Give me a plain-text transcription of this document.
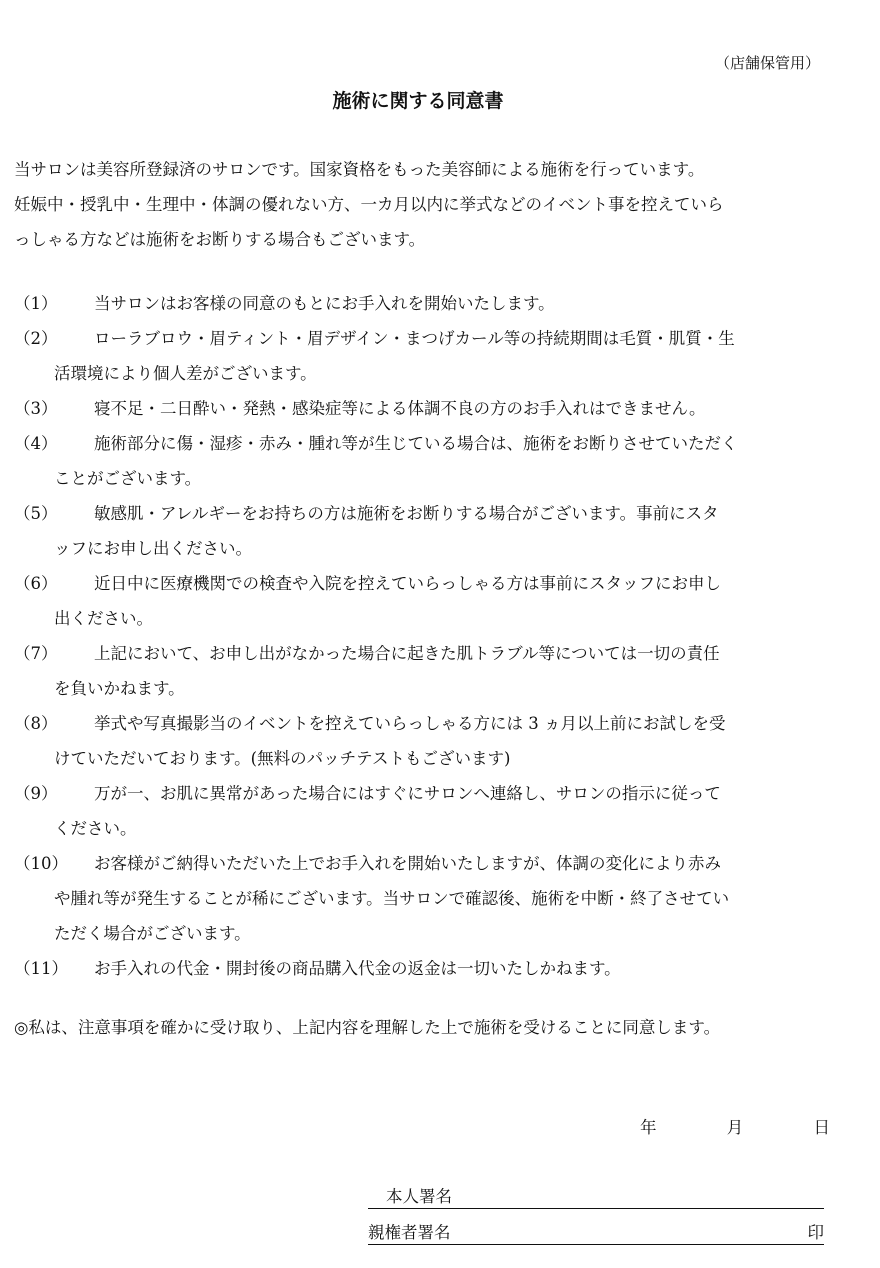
（店舗保管用）
施術に関する同意書
当サロンは美容所登録済のサロンです。国家資格をもった美容師による施術を行っています。
妊娠中・授乳中・生理中・体調の優れない方、一カ月以内に挙式などのイベント事を控えていら
っしゃる方などは施術をお断りする場合もございます。
（1）	当サロンはお客様の同意のもとにお手入れを開始いたします。
（2）	ローラブロウ・眉ティント・眉デザイン・まつげカール等の持続期間は毛質・肌質・生
活環境により個人差がございます。
（3）	寝不足・二日酔い・発熱・感染症等による体調不良の方のお手入れはできません。
（4）	施術部分に傷・湿疹・赤み・腫れ等が生じている場合は、施術をお断りさせていただく
ことがございます。
（5）	敏感肌・アレルギーをお持ちの方は施術をお断りする場合がございます。事前にスタ
ッフにお申し出ください。
（6）	近日中に医療機関での検査や入院を控えていらっしゃる方は事前にスタッフにお申し
出ください。
（7）	上記において、お申し出がなかった場合に起きた肌トラブル等については一切の責任
を負いかねます。
（8）	挙式や写真撮影当のイベントを控えていらっしゃる方には 3 ヵ月以上前にお試しを受
けていただいております。(無料のパッチテストもございます)
（9）	万が一、お肌に異常があった場合にはすぐにサロンへ連絡し、サロンの指示に従って
ください。
（10）	お客様がご納得いただいた上でお手入れを開始いたしますが、体調の変化により赤み
や腫れ等が発生することが稀にございます。当サロンで確認後、施術を中断・終了させてい
ただく場合がございます。
（11）	お手入れの代金・開封後の商品購入代金の返金は一切いたしかねます。
◎私は、注意事項を確かに受け取り、上記内容を理解した上で施術を受けることに同意します。
年	月	日
本人署名
親権者署名	印
